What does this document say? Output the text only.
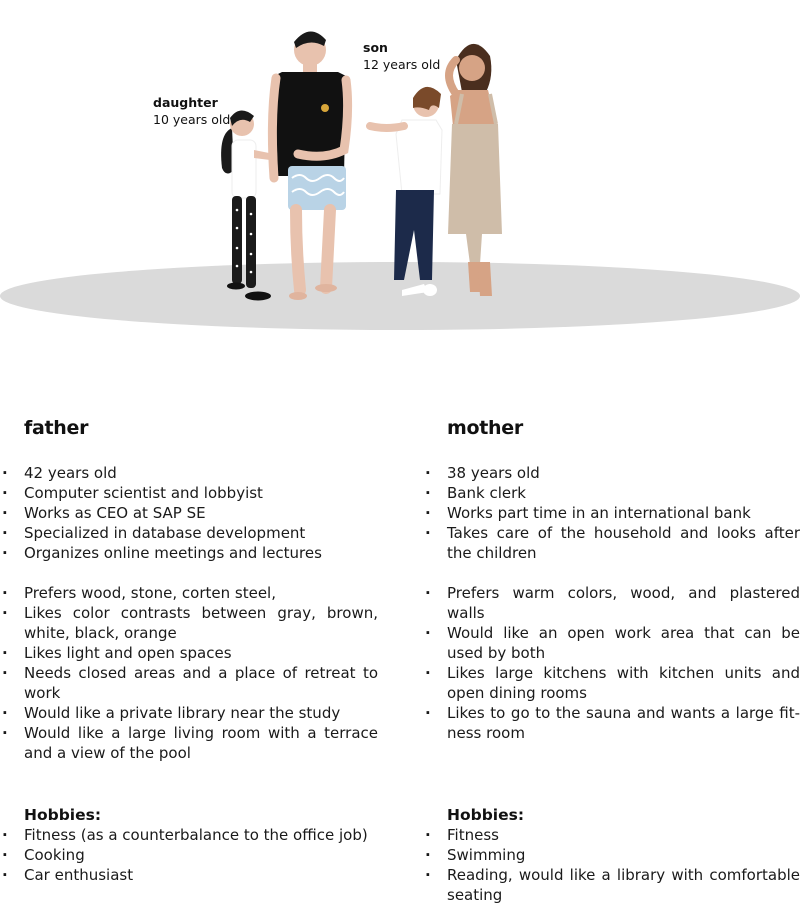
daughter
10 years old
son
12 years old
father
· 42 years old
· Computer scientist and lobbyist
· Works as CEO at SAP SE
· Specialized in database development
· Organizes online meetings and lectures
· Prefers wood, stone, corten steel,
· Likes color contrasts between gray, brown, white, black, orange
· Likes light and open spaces
· Needs closed areas and a place of retreat to work
· Would like a private library near the study
· Would like a large living room with a terrace and a view of the pool

Hobbies:

· Fitness (as a counterbalance to the office job)
· Cooking
· Car enthusiast
mother
· 38 years old
· Bank clerk
· Works part time in an international bank
· Takes care of the household and looks after the children
· Prefers warm colors, wood, and plastered walls
· Would like an open work area that can be used by both
· Likes large kitchens with kitchen units and open dining rooms
· Likes to go to the sauna and wants a large fit-ness room

Hobbies:

· Fitness
· Swimming
· Reading, would like a library with comfortable seating
